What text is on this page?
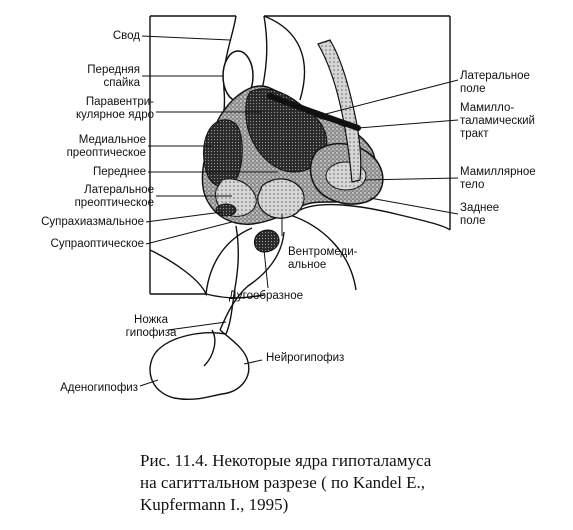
Свод
Передняя
спайка
Паравентри-
кулярное ядро
Медиальное
преоптическое
Переднее
Латеральное
преоптическое
Супрахиазмальное
Супраоптическое
Вентромеди-
альное
Дугообразное
Ножка
гипофиза
Аденогипофиз
Нейрогипофиз
Латеральное
поле
Мамилло-
таламический
тракт
Мамиллярное
тело
Заднее
поле
Рис. 11.4. Некоторые ядра гипоталамуса
на сагиттальном разрезе ( по Kandel E.,
Kupfermann I., 1995)
